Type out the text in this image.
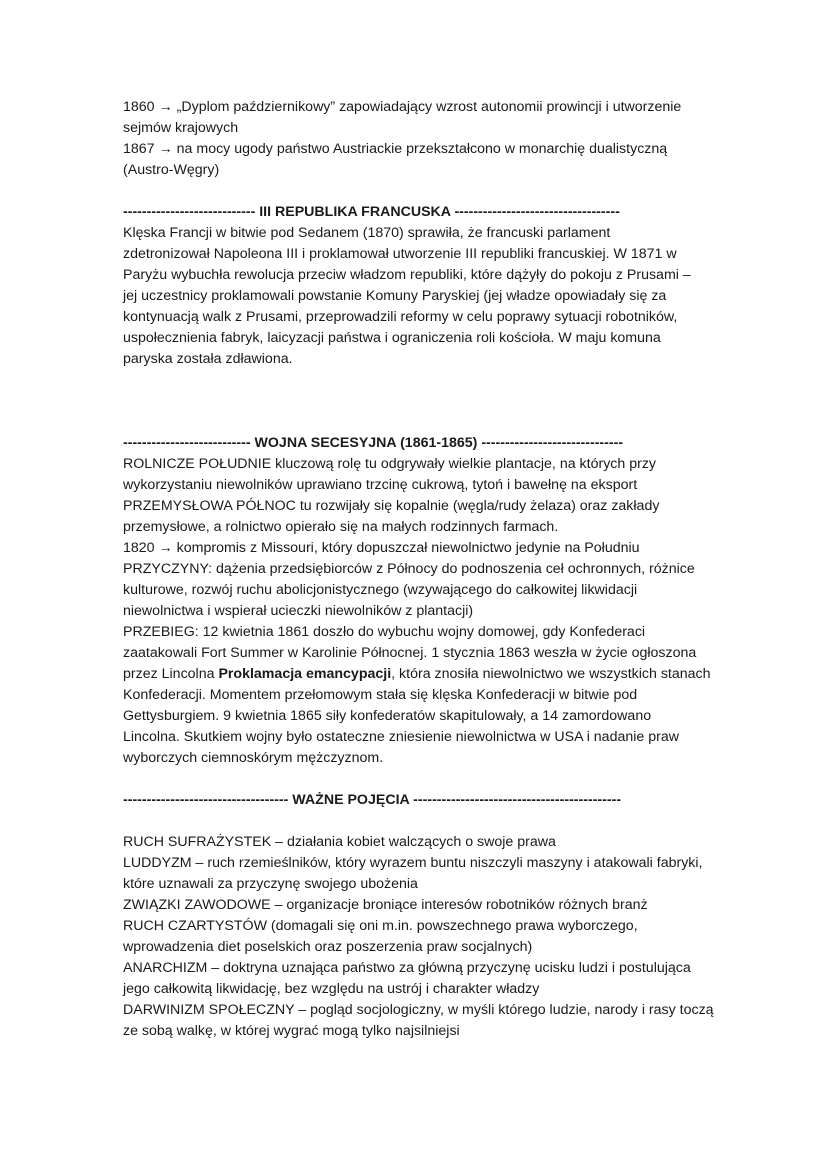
1860 → „Dyplom październikowy” zapowiadający wzrost autonomii prowincji i utworzenie
sejmów krajowych
1867 → na mocy ugody państwo Austriackie przekształcono w monarchię dualistyczną
(Austro-Węgry)
---------------------------- III REPUBLIKA FRANCUSKA -----------------------------------
Klęska Francji w bitwie pod Sedanem (1870) sprawiła, że francuski parlament
zdetronizował Napoleona III i proklamował utworzenie III republiki francuskiej. W 1871 w
Paryżu wybuchła rewolucja przeciw władzom republiki, które dążyły do pokoju z Prusami –
jej uczestnicy proklamowali powstanie Komuny Paryskiej (jej władze opowiadały się za
kontynuacją walk z Prusami, przeprowadzili reformy w celu poprawy sytuacji robotników,
uspołecznienia fabryk, laicyzacji państwa i ograniczenia roli kościoła. W maju komuna
paryska została zdławiona.
--------------------------- WOJNA SECESYJNA (1861-1865) ------------------------------
ROLNICZE POŁUDNIE kluczową rolę tu odgrywały wielkie plantacje, na których przy
wykorzystaniu niewolników uprawiano trzcinę cukrową, tytoń i bawełnę na eksport
PRZEMYSŁOWA PÓŁNOC tu rozwijały się kopalnie (węgla/rudy żelaza) oraz zakłady
przemysłowe, a rolnictwo opierało się na małych rodzinnych farmach.
1820 → kompromis z Missouri, który dopuszczał niewolnictwo jedynie na Południu
PRZYCZYNY: dążenia przedsiębiorców z Północy do podnoszenia ceł ochronnych, różnice
kulturowe, rozwój ruchu abolicjonistycznego (wzywającego do całkowitej likwidacji
niewolnictwa i wspierał ucieczki niewolników z plantacji)
PRZEBIEG: 12 kwietnia 1861 doszło do wybuchu wojny domowej, gdy Konfederaci
zaatakowali Fort Summer w Karolinie Północnej. 1 stycznia 1863 weszła w życie ogłoszona
przez Lincolna Proklamacja emancypacji, która znosiła niewolnictwo we wszystkich stanach
Konfederacji. Momentem przełomowym stała się klęska Konfederacji w bitwie pod
Gettysburgiem. 9 kwietnia 1865 siły konfederatów skapitulowały, a 14 zamordowano
Lincolna. Skutkiem wojny było ostateczne zniesienie niewolnictwa w USA i nadanie praw
wyborczych ciemnoskórym mężczyznom.
----------------------------------- WAŻNE POJĘCIA --------------------------------------------
RUCH SUFRAŻYSTEK – działania kobiet walczących o swoje prawa
LUDDYZM – ruch rzemieślników, który wyrazem buntu niszczyli maszyny i atakowali fabryki,
które uznawali za przyczynę swojego ubożenia
ZWIĄZKI ZAWODOWE – organizacje broniące interesów robotników różnych branż
RUCH CZARTYSTÓW (domagali się oni m.in. powszechnego prawa wyborczego,
wprowadzenia diet poselskich oraz poszerzenia praw socjalnych)
ANARCHIZM – doktryna uznająca państwo za główną przyczynę ucisku ludzi i postulująca
jego całkowitą likwidację, bez względu na ustrój i charakter władzy
DARWINIZM SPOŁECZNY – pogląd socjologiczny, w myśli którego ludzie, narody i rasy toczą
ze sobą walkę, w której wygrać mogą tylko najsilniejsi
